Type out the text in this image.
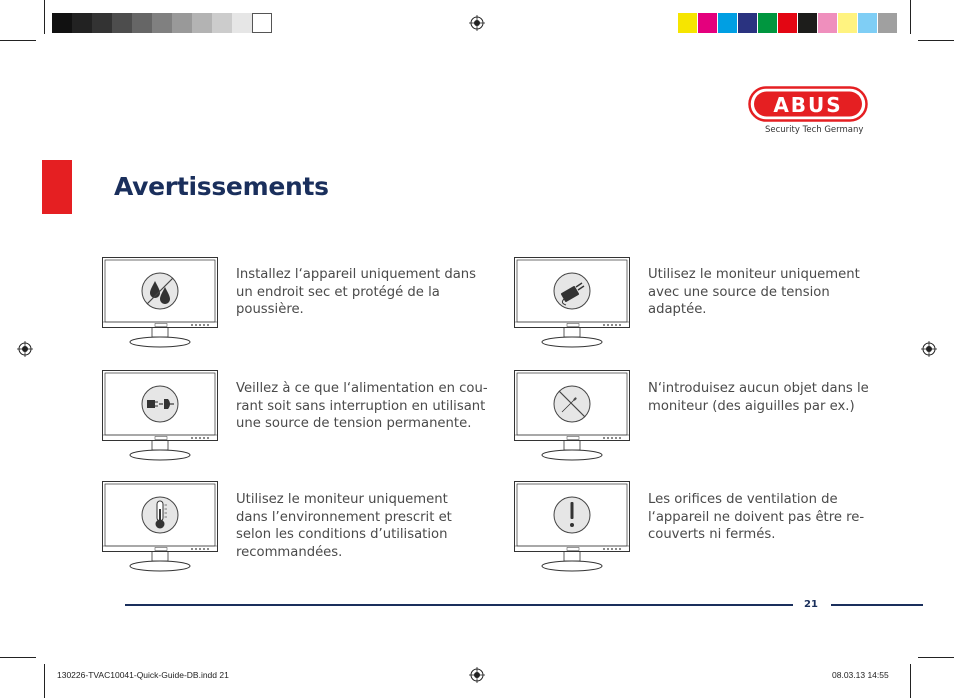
ABUS
Security Tech Germany
Avertissements
Installez l‘appareil uniquement dans
un endroit sec et protégé de la
poussière.
Utilisez le moniteur uniquement
avec une source de tension
adaptée.
Veillez à ce que l‘alimentation en cou-
rant soit sans interruption en utilisant
une source de tension permanente.
N‘introduisez aucun objet dans le
moniteur (des aiguilles par ex.)
Utilisez le moniteur uniquement
dans l’environnement prescrit et
selon les conditions d’utilisation
recommandées.
Les orifices de ventilation de
l‘appareil ne doivent pas être re-
couverts ni fermés.
21
130226-TVAC10041-Quick-Guide-DB.indd 21	08.03.13 14:55
